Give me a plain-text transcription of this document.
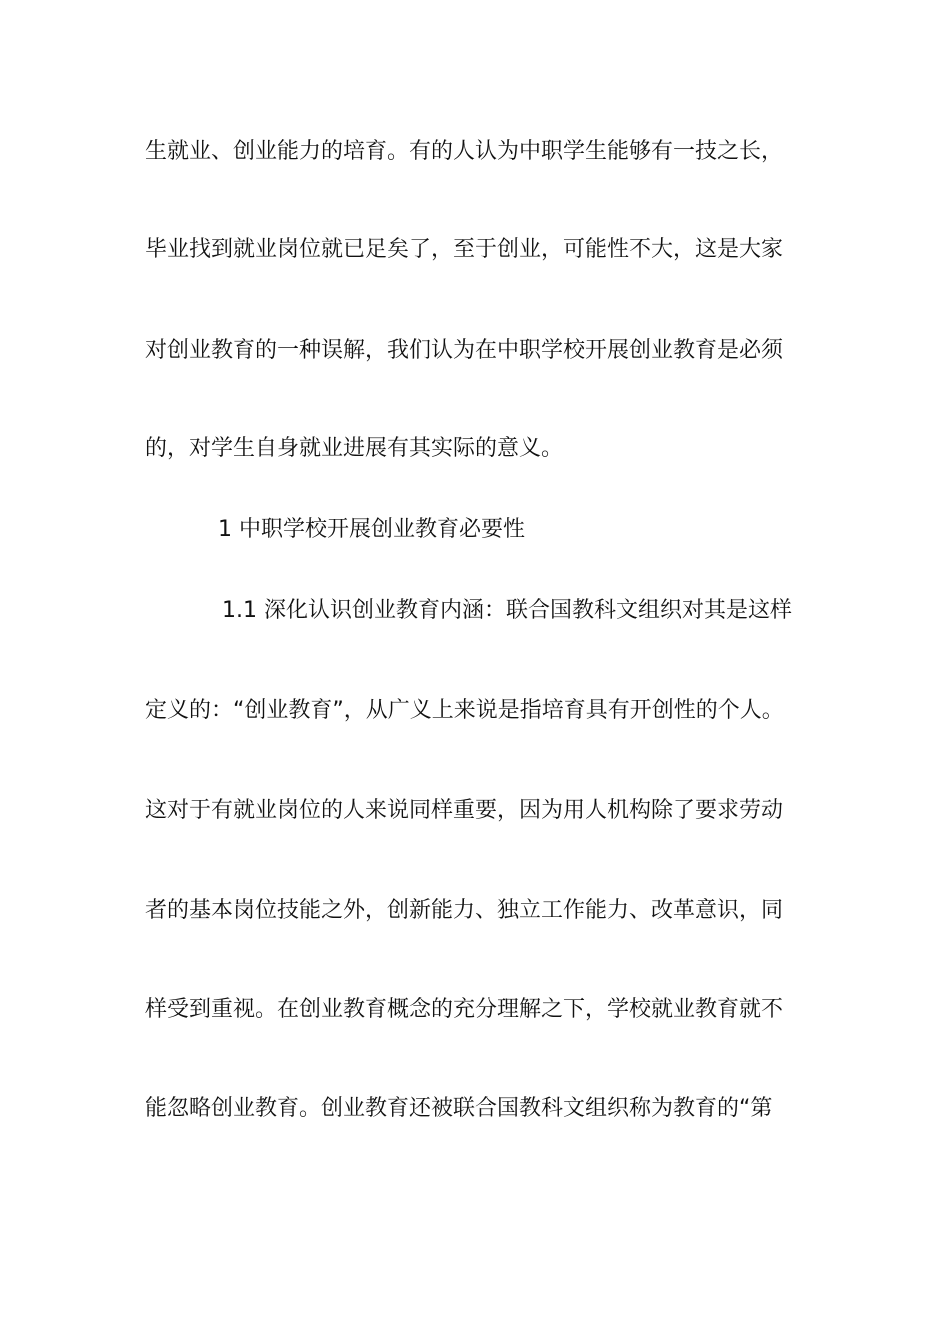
生就业、创业能力的培育。有的人认为中职学生能够有一技之长，
毕业找到就业岗位就已足矣了，至于创业，可能性不大，这是大家
对创业教育的一种误解，我们认为在中职学校开展创业教育是必须
的，对学生自身就业进展有其实际的意义。
1 中职学校开展创业教育必要性
1.1 深化认识创业教育内涵：联合国教科文组织对其是这样
定义的：“创业教育”，从广义上来说是指培育具有开创性的个人。
这对于有就业岗位的人来说同样重要，因为用人机构除了要求劳动
者的基本岗位技能之外，创新能力、独立工作能力、改革意识，同
样受到重视。在创业教育概念的充分理解之下，学校就业教育就不
能忽略创业教育。创业教育还被联合国教科文组织称为教育的“第
